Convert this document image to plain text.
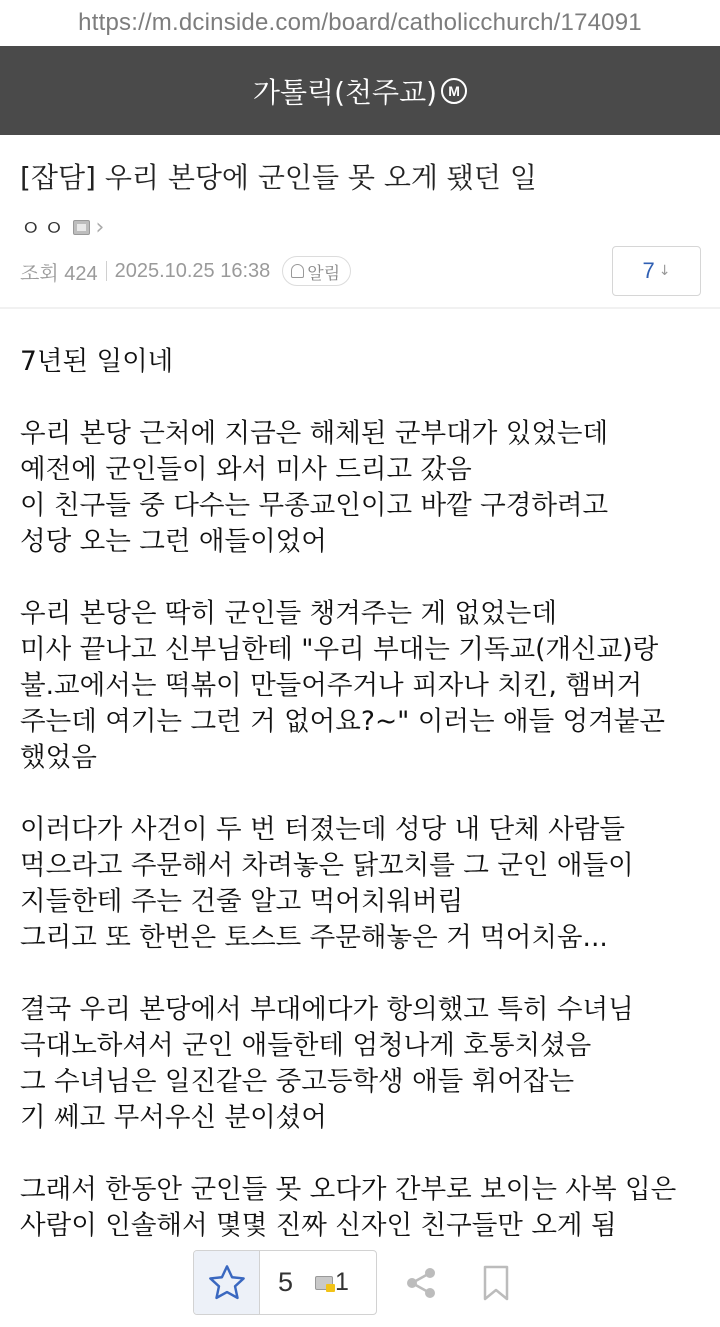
https://m.dcinside.com/board/catholicchurch/174091
가톨릭(천주교) M
[잡담] 우리 본당에 군인들 못 오게 됐던 일
ㅇㅇ ›
조회 424 2025.10.25 16:38 알림	7 ↓

7년된 일이네

우리 본당 근처에 지금은 해체된 군부대가 있었는데

예전에 군인들이 와서 미사 드리고 갔음

이 친구들 중 다수는 무종교인이고 바깥 구경하려고

성당 오는 그런 애들이었어

우리 본당은 딱히 군인들 챙겨주는 게 없었는데

미사 끝나고 신부님한테 "우리 부대는 기독교(개신교)랑

불.교에서는 떡볶이 만들어주거나 피자나 치킨, 햄버거

주는데 여기는 그런 거 없어요?~" 이러는 애들 엉겨붙곤

했었음

이러다가 사건이 두 번 터졌는데 성당 내 단체 사람들

먹으라고 주문해서 차려놓은 닭꼬치를 그 군인 애들이

지들한테 주는 건줄 알고 먹어치워버림

그리고 또 한번은 토스트 주문해놓은 거 먹어치움...

결국 우리 본당에서 부대에다가 항의했고 특히 수녀님

극대노하셔서 군인 애들한테 엄청나게 호통치셨음

그 수녀님은 일진같은 중고등학생 애들 휘어잡는

기 쎄고 무서우신 분이셨어

그래서 한동안 군인들 못 오다가 간부로 보이는 사복 입은

사람이 인솔해서 몇몇 진짜 신자인 친구들만 오게 됨

5 1
